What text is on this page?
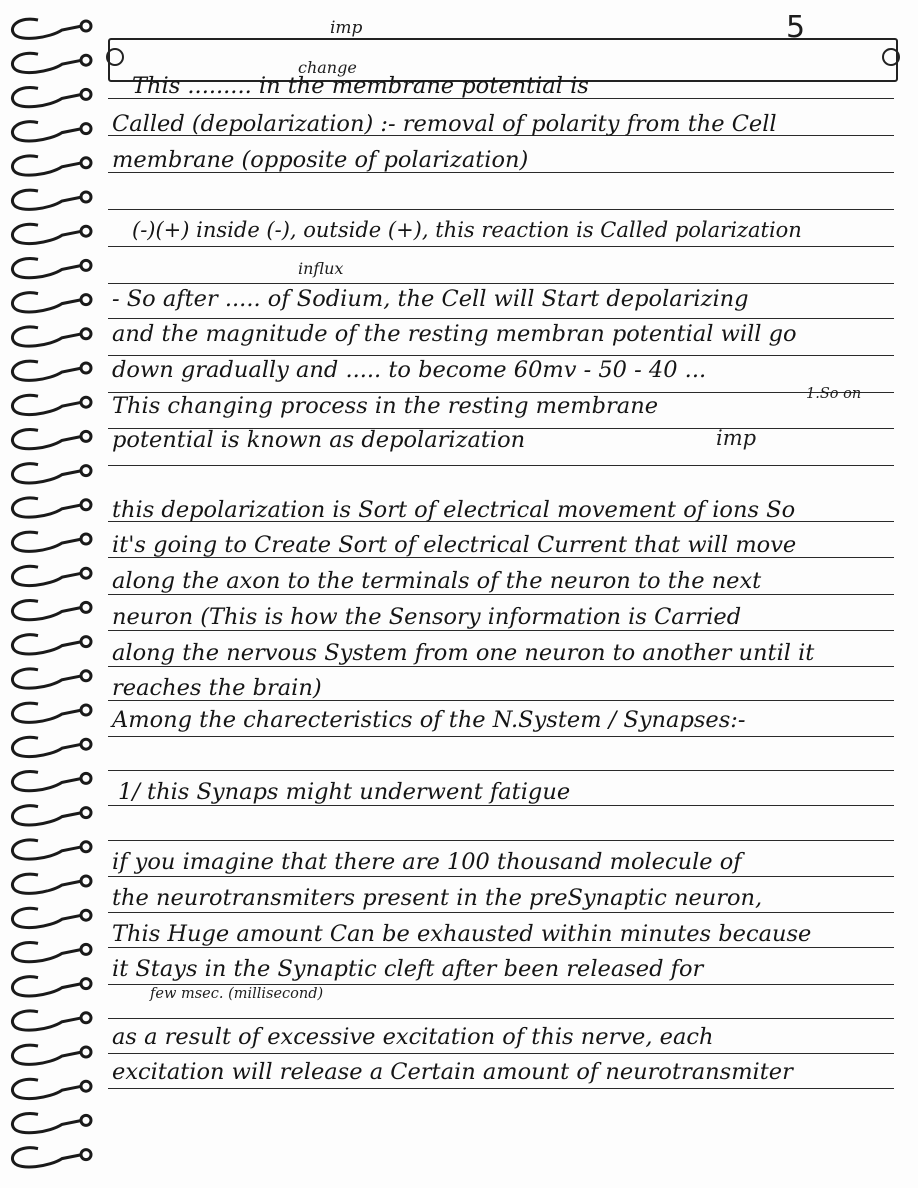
imp	5
change
influx
1.So on
imp
few msec. (millisecond)
This ......... in the membrane potential is
Called (depolarization) :- removal of polarity from the Cell
membrane (opposite of polarization)
(-)(+) inside (-), outside (+), this reaction is Called polarization
- So after ..... of Sodium, the Cell will Start depolarizing
and the magnitude of the resting membran potential will go
down gradually and ..... to become 60mv - 50 - 40 ...
This changing process in the resting membrane
potential is known as depolarization
this depolarization is Sort of electrical movement of ions So
it's going to Create Sort of electrical Current that will move
along the axon to the terminals of the neuron to the next
neuron (This is how the Sensory information is Carried
along the nervous System from one neuron to another until it
reaches the brain)
Among the charecteristics of the N.System / Synapses:-
1/ this Synaps might underwent fatigue
if you imagine that there are 100 thousand molecule of
the neurotransmiters present in the preSynaptic neuron,
This Huge amount Can be exhausted within minutes because
it Stays in the Synaptic cleft after been released for
as a result of excessive excitation of this nerve, each
excitation will release a Certain amount of neurotransmiter
